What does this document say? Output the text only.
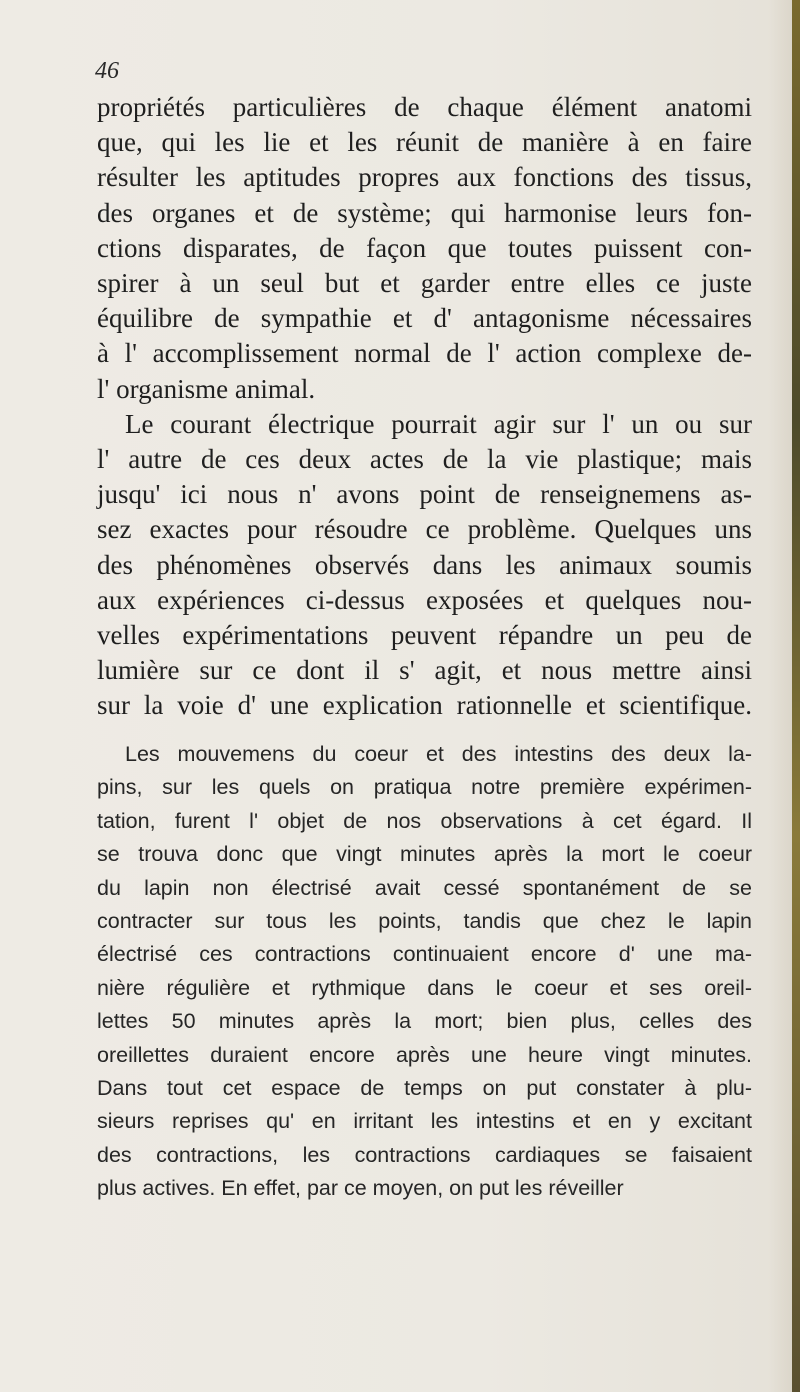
46
propriétés particulières de chaque élément anatomi
que, qui les lie et les réunit de manière à en faire
résulter les aptitudes propres aux fonctions des tissus,
des organes et de système; qui harmonise leurs fon-
ctions disparates, de façon que toutes puissent con-
spirer à un seul but et garder entre elles ce juste
équilibre de sympathie et d' antagonisme nécessaires
à l' accomplissement normal de l' action complexe de-
l' organisme animal.
Le courant électrique pourrait agir sur l' un ou sur
l' autre de ces deux actes de la vie plastique; mais
jusqu' ici nous n' avons point de renseignemens as-
sez exactes pour résoudre ce problème. Quelques uns
des phénomènes observés dans les animaux soumis
aux expériences ci-dessus exposées et quelques nou-
velles expérimentations peuvent répandre un peu de
lumière sur ce dont il s' agit, et nous mettre ainsi
sur la voie d' une explication rationnelle et scientifique.
Les mouvemens du coeur et des intestins des deux la-
pins, sur les quels on pratiqua notre première expérimen-
tation, furent l' objet de nos observations à cet égard. Il
se trouva donc que vingt minutes après la mort le coeur
du lapin non électrisé avait cessé spontanément de se
contracter sur tous les points, tandis que chez le lapin
électrisé ces contractions continuaient encore d' une ma-
nière régulière et rythmique dans le coeur et ses oreil-
lettes 50 minutes après la mort; bien plus, celles des
oreillettes duraient encore après une heure vingt minutes.
Dans tout cet espace de temps on put constater à plu-
sieurs reprises qu' en irritant les intestins et en y excitant
des contractions, les contractions cardiaques se faisaient
plus actives. En effet, par ce moyen, on put les réveiller
